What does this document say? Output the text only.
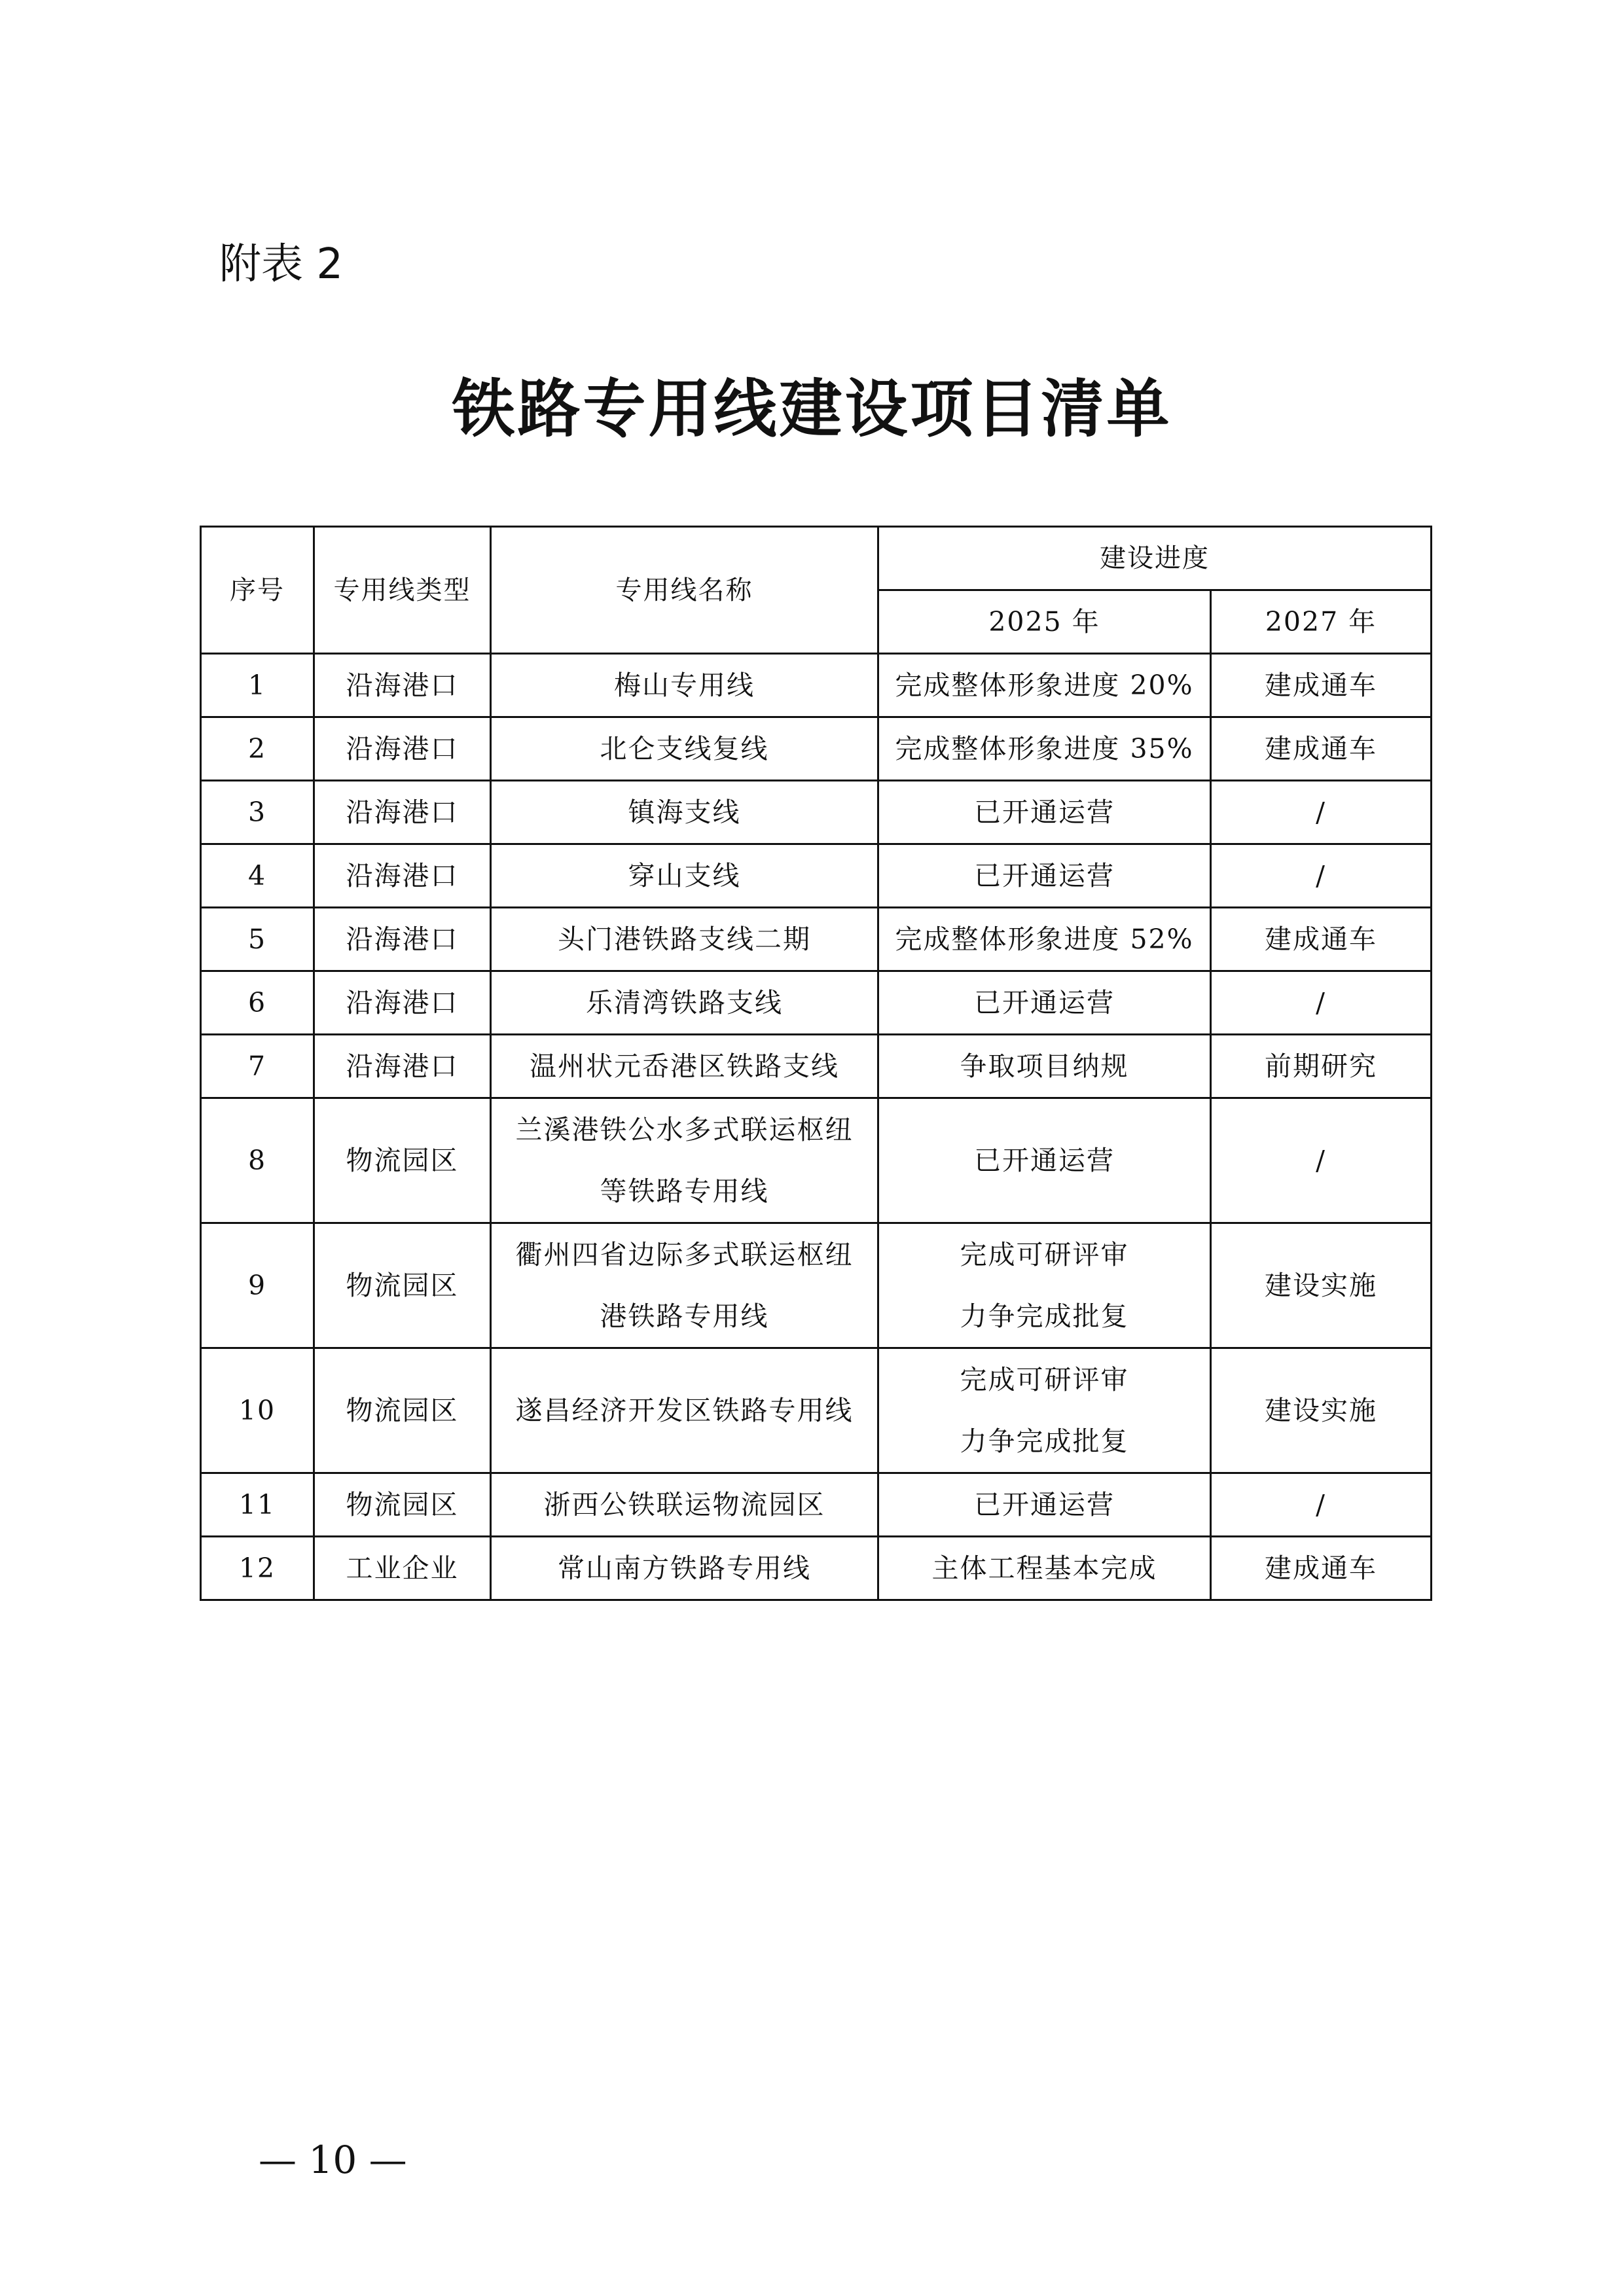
附表 2
铁路专用线建设项目清单
序号	专用线类型	专用线名称	建设进度	
			2025 年	2027 年
1	沿海港口	梅山专用线	完成整体形象进度 20%	建成通车
2	沿海港口	北仑支线复线	完成整体形象进度 35%	建成通车
3	沿海港口	镇海支线	已开通运营	/
4	沿海港口	穿山支线	已开通运营	/
5	沿海港口	头门港铁路支线二期	完成整体形象进度 52%	建成通车
6	沿海港口	乐清湾铁路支线	已开通运营	/
7	沿海港口	温州状元岙港区铁路支线	争取项目纳规	前期研究
8	物流园区	兰溪港铁公水多式联运枢纽
等铁路专用线	已开通运营	/
9	物流园区	衢州四省边际多式联运枢纽
港铁路专用线	完成可研评审
力争完成批复	建设实施
10	物流园区	遂昌经济开发区铁路专用线	完成可研评审
力争完成批复	建设实施
11	物流园区	浙西公铁联运物流园区	已开通运营	/
12	工业企业	常山南方铁路专用线	主体工程基本完成	建成通车
— 10 —
